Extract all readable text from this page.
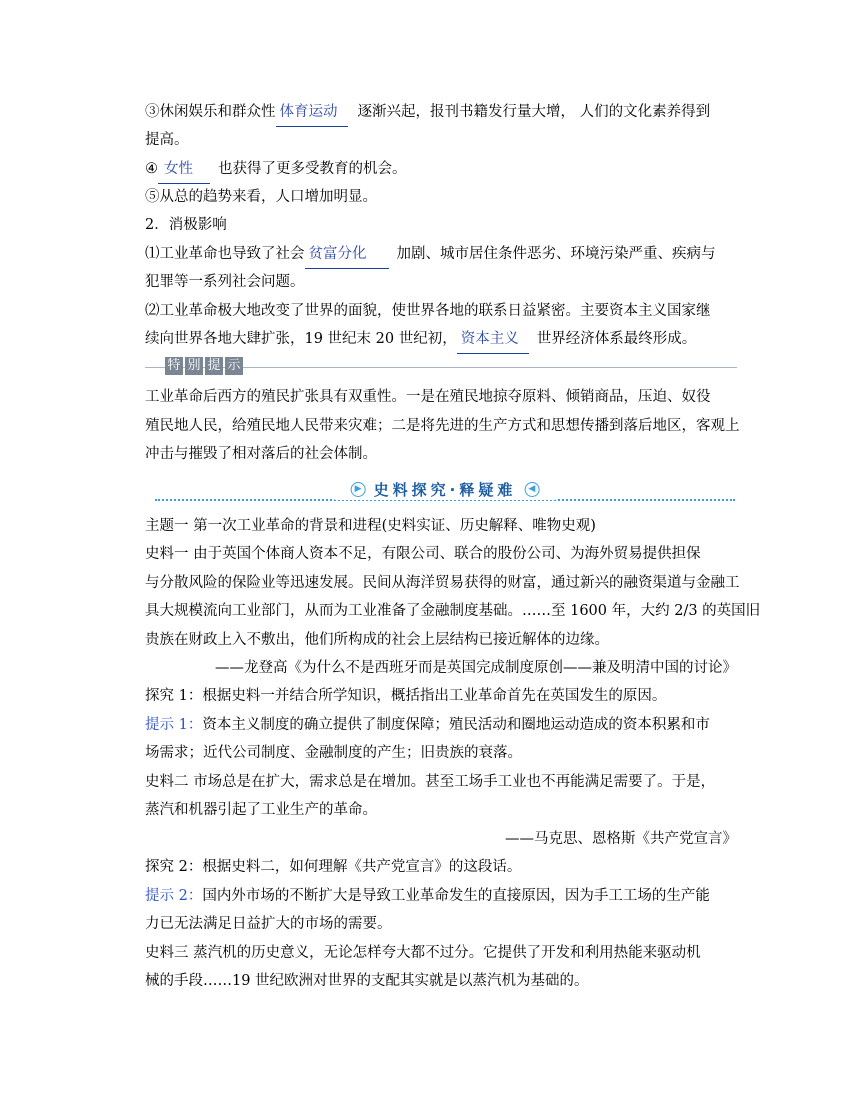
③休闲娱乐和群众性 体育运动 逐渐兴起，报刊书籍发行量大增， 人们的文化素养得到
提高。
④ 女性 也获得了更多受教育的机会。
⑤从总的趋势来看，人口增加明显。
2．消极影响
⑴工业革命也导致了社会 贫富分化 加剧、城市居住条件恶劣、环境污染严重、疾病与
犯罪等一系列社会问题。
⑵工业革命极大地改变了世界的面貌，使世界各地的联系日益紧密。主要资本主义国家继
续向世界各地大肆扩张，19 世纪末 20 世纪初， 资本主义 世界经济体系最终形成。
特 别 提 示
工业革命后西方的殖民扩张具有双重性。一是在殖民地掠夺原料、倾销商品，压迫、奴役
殖民地人民，给殖民地人民带来灾难；二是将先进的生产方式和思想传播到落后地区，客观上
冲击与摧毁了相对落后的社会体制。
▶ 史料探究·释疑难	◀
主题一 第一次工业革命的背景和进程(史料实证、历史解释、唯物史观)
史料一 由于英国个体商人资本不足，有限公司、联合的股份公司、为海外贸易提供担保
与分散风险的保险业等迅速发展。民间从海洋贸易获得的财富，通过新兴的融资渠道与金融工
具大规模流向工业部门，从而为工业准备了金融制度基础。……至 1600 年，大约 2/3 的英国旧
贵族在财政上入不敷出，他们所构成的社会上层结构已接近解体的边缘。
——龙登高《为什么不是西班牙而是英国完成制度原创——兼及明清中国的讨论》
探究 1：根据史料一并结合所学知识，概括指出工业革命首先在英国发生的原因。
提示 1：资本主义制度的确立提供了制度保障；殖民活动和圈地运动造成的资本积累和市
场需求；近代公司制度、金融制度的产生；旧贵族的衰落。
史料二 市场总是在扩大，需求总是在增加。甚至工场手工业也不再能满足需要了。于是，
蒸汽和机器引起了工业生产的革命。
——马克思、恩格斯《共产党宣言》
探究 2：根据史料二，如何理解《共产党宣言》的这段话。
提示 2：国内外市场的不断扩大是导致工业革命发生的直接原因，因为手工工场的生产能
力已无法满足日益扩大的市场的需要。
史料三 蒸汽机的历史意义，无论怎样夸大都不过分。它提供了开发和利用热能来驱动机
械的手段……19 世纪欧洲对世界的支配其实就是以蒸汽机为基础的。
